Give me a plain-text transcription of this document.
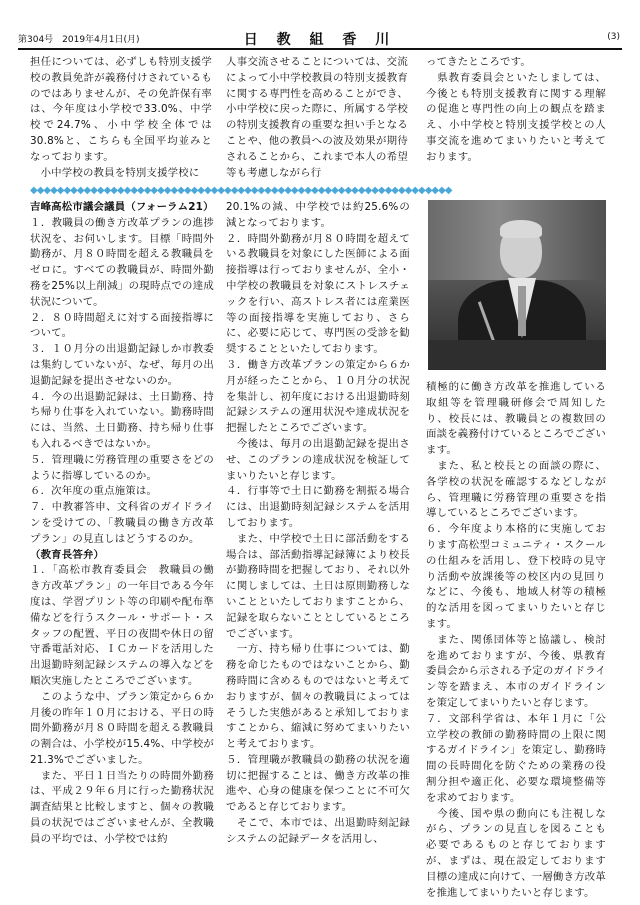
第304号　2019年4月1日(月)	日 教 組 香 川	(3)

担任については、必ずしも特別支援学校の教員免許が義務付けされているものではありませんが、その免許保有率は、今年度は小学校で33.0%、中学校で24.7%、小中学校全体では30.8%と、こちらも全国平均並みとなっております。

　小中学校の教員を特別支援学校に

人事交流させることについては、交流によって小中学校教員の特別支援教育に関する専門性を高めることができ、小中学校に戻った際に、所属する学校の特別支援教育の重要な担い手となることや、他の教員への波及効果が期待されることから、これまで本人の希望等も考慮しながら行

ってきたところです。

　県教育委員会といたしましては、今後とも特別支援教育に関する理解の促進と専門性の向上の観点を踏まえ、小中学校と特別支援学校との人事交流を進めてまいりたいと考えております。

◆◆◆◆◆◆◆◆◆◆◆◆◆◆◆◆◆◆◆◆◆◆◆◆◆◆◆◆◆◆◆◆◆◆◆◆◆◆◆◆◆◆◆◆◆◆◆◆◆◆◆◆◆◆◆◆◆◆◆◆◆◆◆

吉峰高松市議会議員（フォーラム21）

１．教職員の働き方改革プランの進捗状況を、お伺いします。目標「時間外勤務が、月８０時間を超える教職員をゼロに。すべての教職員が、時間外勤務を25%以上削減」の現時点での達成状況について。

２．８０時間超えに対する面接指導について。

３．１０月分の出退勤記録しか市教委は集約していないが、なぜ、毎月の出退勤記録を提出させないのか。

４．今の出退勤記録は、土日勤務、持ち帰り仕事を入れていない。勤務時間には、当然、土日勤務、持ち帰り仕事も入れるべきではないか。

５．管理職に労務管理の重要さをどのように指導しているのか。

６．次年度の重点施策は。

７．中教審答申、文科省のガイドラインを受けての、「教職員の働き方改革プラン」の見直しはどうするのか。

（教育長答弁）

１．「高松市教育委員会　教職員の働き方改革プラン」の一年目である今年度は、学習プリント等の印刷や配布準備などを行うスクール・サポート・スタッフの配置、平日の夜間や休日の留守番電話対応、ＩＣカードを活用した出退勤時刻記録システムの導入などを順次実施したところでございます。

　このような中、プラン策定から６か月後の昨年１０月における、平日の時間外勤務が月８０時間を超える教職員の割合は、小学校が15.4%、中学校が21.3%でございました。

　また、平日１日当たりの時間外勤務は、平成２９年６月に行った勤務状況調査結果と比較しますと、個々の教職員の状況ではございませんが、全教職員の平均では、小学校では約

20.1%の減、中学校では約25.6%の減となっております。

２．時間外勤務が月８０時間を超えている教職員を対象にした医師による面接指導は行っておりませんが、全小・中学校の教職員を対象にストレスチェックを行い、高ストレス者には産業医等の面接指導を実施しており、さらに、必要に応じて、専門医の受診を勧奨することといたしております。

３．働き方改革プランの策定から６か月が経ったことから、１０月分の状況を集計し、初年度における出退勤時刻記録システムの運用状況や達成状況を把握したところでございます。

　今後は、毎月の出退勤記録を提出させ、このプランの達成状況を検証してまいりたいと存じます。

４．行事等で土日に勤務を割振る場合には、出退勤時刻記録システムを活用しております。

　また、中学校で土日に部活動をする場合は、部活動指導記録簿により校長が勤務時間を把握しており、それ以外に関しましては、土日は原則勤務しないことといたしておりますことから、記録を取らないこととしているところでございます。

　一方、持ち帰り仕事については、勤務を命じたものではないことから、勤務時間に含めるものではないと考えておりますが、個々の教職員によってはそうした実態があると承知しておりますことから、縮減に努めてまいりたいと考えております。

５．管理職が教職員の勤務の状況を適切に把握することは、働き方改革の推進や、心身の健康を保つことに不可欠であると存じております。

　そこで、本市では、出退勤時刻記録システムの記録データを活用し、

積極的に働き方改革を推進している取組等を管理職研修会で周知したり、校長には、教職員との複数回の面談を義務付けているところでございます。

　また、私と校長との面談の際に、各学校の状況を確認するなどしながら、管理職に労務管理の重要さを指導しているところでございます。

６．今年度より本格的に実施しております高松型コミュニティ・スクールの仕組みを活用し、登下校時の見守り活動や放課後等の校区内の見回りなどに、今後も、地域人材等の積極的な活用を図ってまいりたいと存じます。

　また、関係団体等と協議し、検討を進めておりますが、今後、県教育委員会から示される予定のガイドライン等を踏まえ、本市のガイドラインを策定してまいりたいと存じます。

７．文部科学省は、本年１月に「公立学校の教師の勤務時間の上限に関するガイドライン」を策定し、勤務時間の長時間化を防ぐための業務の役割分担や適正化、必要な環境整備等を求めております。

　今後、国や県の動向にも注視しながら、プランの見直しを図ることも必要であるものと存じておりますが、まずは、現在設定しております目標の達成に向けて、一層働き方改革を推進してまいりたいと存じます。
